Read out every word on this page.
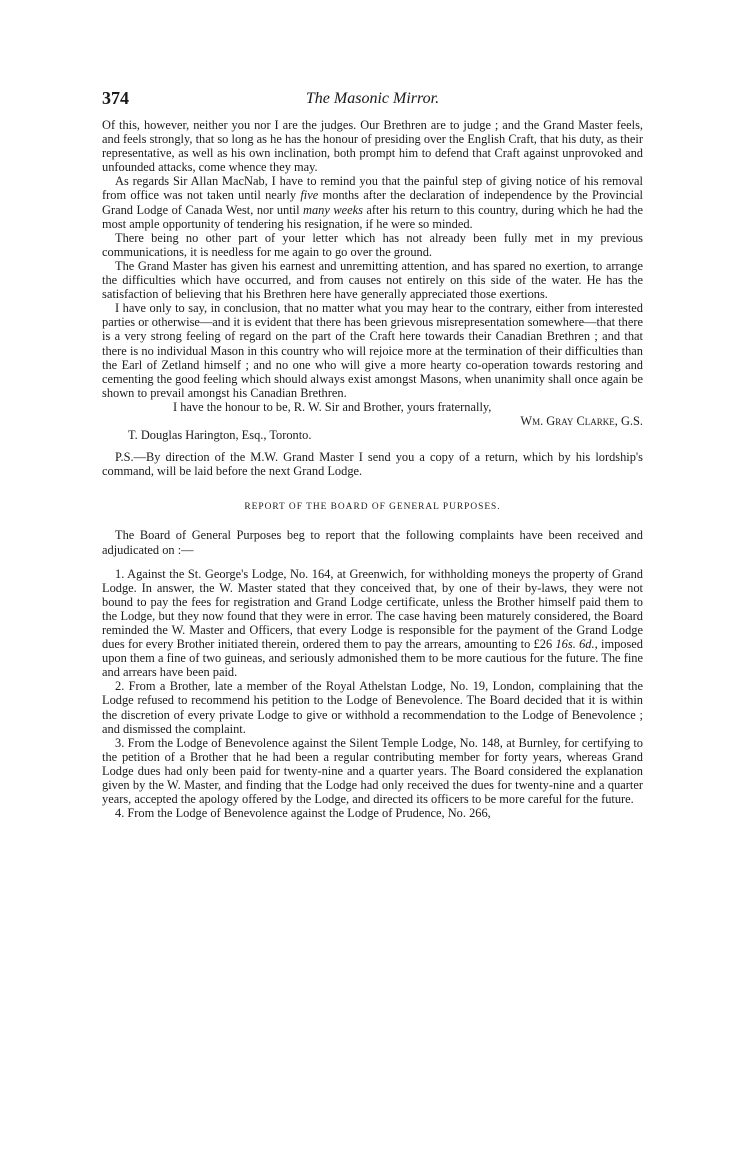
374	The Masonic Mirror.

Of this, however, neither you nor I are the judges. Our Brethren are to judge ; and the Grand Master feels, and feels strongly, that so long as he has the honour of presiding over the English Craft, that his duty, as their representative, as well as his own inclination, both prompt him to defend that Craft against unprovoked and unfounded attacks, come whence they may.

As regards Sir Allan MacNab, I have to remind you that the painful step of giving notice of his removal from office was not taken until nearly five months after the declaration of independence by the Provincial Grand Lodge of Canada West, nor until many weeks after his return to this country, during which he had the most ample opportunity of tendering his resignation, if he were so minded.

There being no other part of your letter which has not already been fully met in my previous communications, it is needless for me again to go over the ground.

The Grand Master has given his earnest and unremitting attention, and has spared no exertion, to arrange the difficulties which have occurred, and from causes not entirely on this side of the water. He has the satisfaction of believing that his Brethren here have generally appreciated those exertions.

I have only to say, in conclusion, that no matter what you may hear to the contrary, either from interested parties or otherwise—and it is evident that there has been grievous misrepresentation somewhere—that there is a very strong feeling of regard on the part of the Craft here towards their Canadian Brethren ; and that there is no individual Mason in this country who will rejoice more at the termination of their difficulties than the Earl of Zetland himself ; and no one who will give a more hearty co-operation towards restoring and cementing the good feeling which should always exist amongst Masons, when unanimity shall once again be shown to prevail amongst his Canadian Brethren.

I have the honour to be, R. W. Sir and Brother, yours fraternally,

Wm. Gray Clarke, G.S.

T. Douglas Harington, Esq., Toronto.

P.S.—By direction of the M.W. Grand Master I send you a copy of a return, which by his lordship's command, will be laid before the next Grand Lodge.

REPORT OF THE BOARD OF GENERAL PURPOSES.

The Board of General Purposes beg to report that the following complaints have been received and adjudicated on :—

1. Against the St. George's Lodge, No. 164, at Greenwich, for withholding moneys the property of Grand Lodge. In answer, the W. Master stated that they conceived that, by one of their by-laws, they were not bound to pay the fees for registration and Grand Lodge certificate, unless the Brother himself paid them to the Lodge, but they now found that they were in error. The case having been maturely considered, the Board reminded the W. Master and Officers, that every Lodge is responsible for the payment of the Grand Lodge dues for every Brother initiated therein, ordered them to pay the arrears, amounting to £26 16s. 6d., imposed upon them a fine of two guineas, and seriously admonished them to be more cautious for the future. The fine and arrears have been paid.

2. From a Brother, late a member of the Royal Athelstan Lodge, No. 19, London, complaining that the Lodge refused to recommend his petition to the Lodge of Benevolence. The Board decided that it is within the discretion of every private Lodge to give or withhold a recommendation to the Lodge of Benevolence ; and dismissed the complaint.

3. From the Lodge of Benevolence against the Silent Temple Lodge, No. 148, at Burnley, for certifying to the petition of a Brother that he had been a regular contributing member for forty years, whereas Grand Lodge dues had only been paid for twenty-nine and a quarter years. The Board considered the explanation given by the W. Master, and finding that the Lodge had only received the dues for twenty-nine and a quarter years, accepted the apology offered by the Lodge, and directed its officers to be more careful for the future.

4. From the Lodge of Benevolence against the Lodge of Prudence, No. 266,
